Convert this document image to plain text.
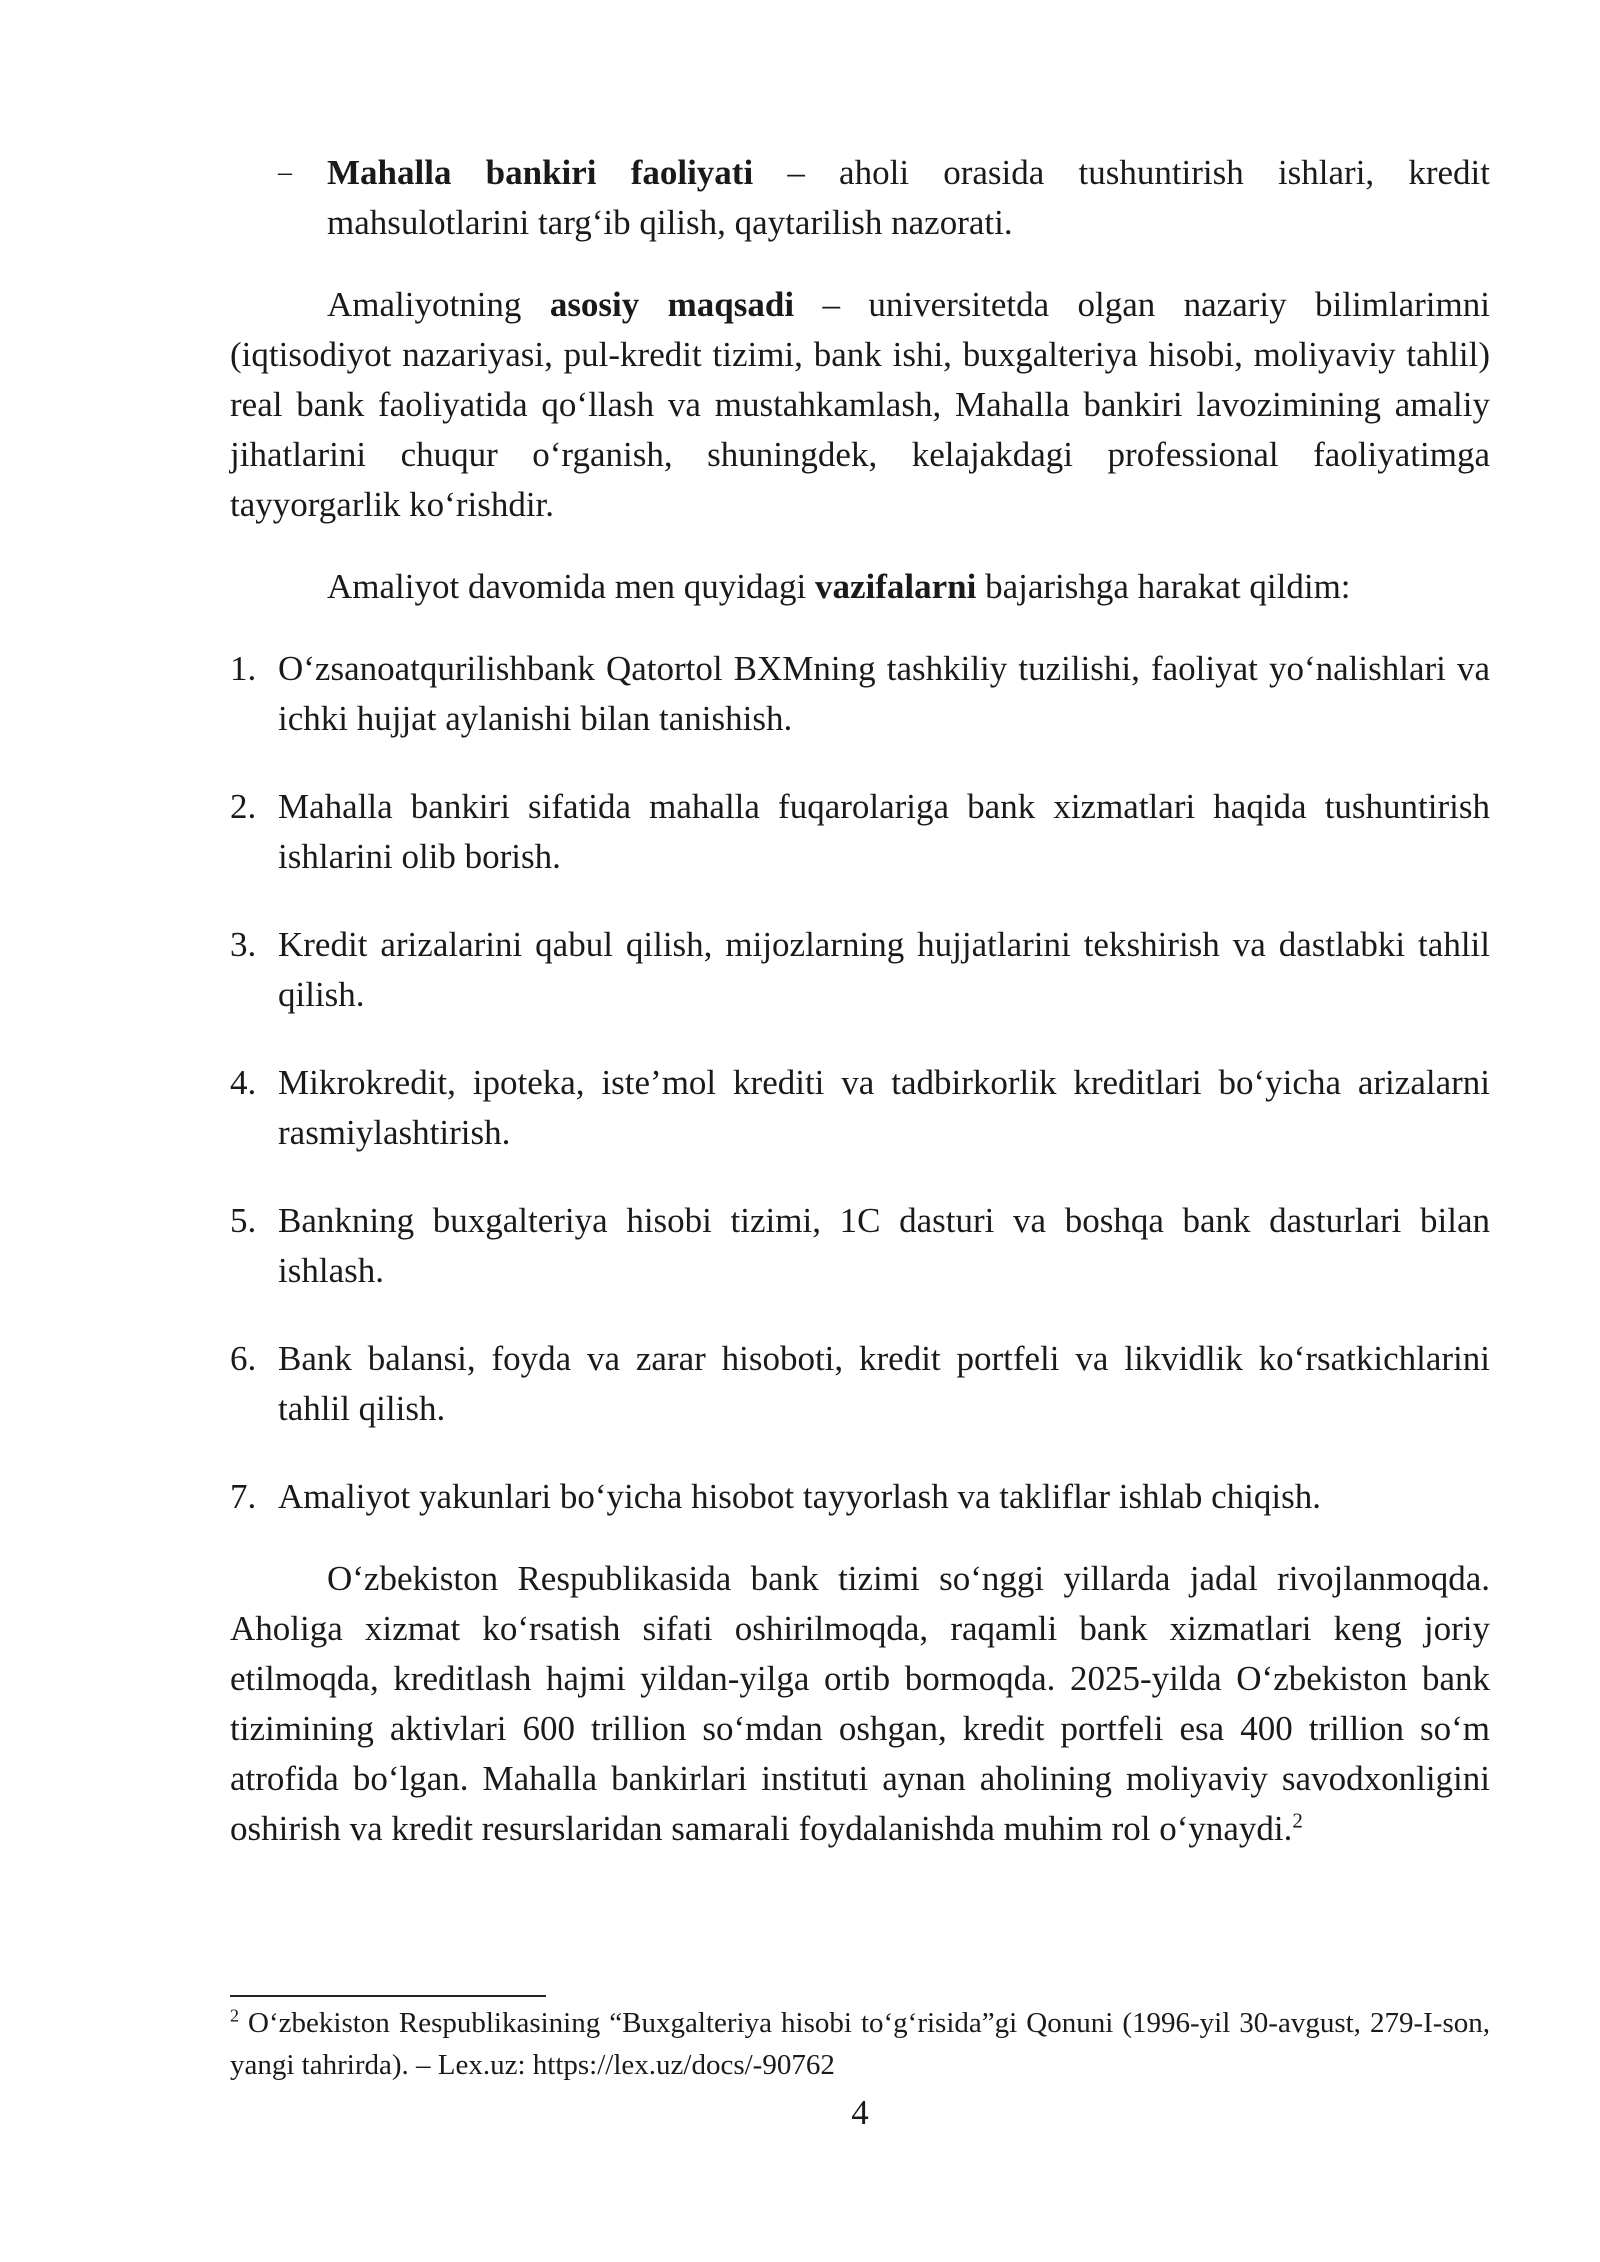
– Mahalla bankiri faoliyati – aholi orasida tushuntirish ishlari, kredit mahsulotlarini targ‘ib qilish, qaytarilish nazorati.

Amaliyotning asosiy maqsadi – universitetda olgan nazariy bilimlarimni (iqtisodiyot nazariyasi, pul-kredit tizimi, bank ishi, buxgalteriya hisobi, moliyaviy tahlil) real bank faoliyatida qo‘llash va mustahkamlash, Mahalla bankiri lavozimining amaliy jihatlarini chuqur o‘rganish, shuningdek, kelajakdagi professional faoliyatimga tayyorgarlik ko‘rishdir.

Amaliyot davomida men quyidagi vazifalarni bajarishga harakat qildim:

1. O‘zsanoatqurilishbank Qatortol BXMning tashkiliy tuzilishi, faoliyat yo‘nalishlari va ichki hujjat aylanishi bilan tanishish.
2. Mahalla bankiri sifatida mahalla fuqarolariga bank xizmatlari haqida tushuntirish ishlarini olib borish.
3. Kredit arizalarini qabul qilish, mijozlarning hujjatlarini tekshirish va dastlabki tahlil qilish.
4. Mikrokredit, ipoteka, iste’mol krediti va tadbirkorlik kreditlari bo‘yicha arizalarni rasmiylashtirish.
5. Bankning buxgalteriya hisobi tizimi, 1C dasturi va boshqa bank dasturlari bilan ishlash.
6. Bank balansi, foyda va zarar hisoboti, kredit portfeli va likvidlik ko‘rsatkichlarini tahlil qilish.
7. Amaliyot yakunlari bo‘yicha hisobot tayyorlash va takliflar ishlab chiqish.

O‘zbekiston Respublikasida bank tizimi so‘nggi yillarda jadal rivojlanmoqda. Aholiga xizmat ko‘rsatish sifati oshirilmoqda, raqamli bank xizmatlari keng joriy etilmoqda, kreditlash hajmi yildan-yilga ortib bormoqda. 2025-yilda O‘zbekiston bank tizimining aktivlari 600 trillion so‘mdan oshgan, kredit portfeli esa 400 trillion so‘m atrofida bo‘lgan. Mahalla bankirlari instituti aynan aholining moliyaviy savodxonligini oshirish va kredit resurslaridan samarali foydalanishda muhim rol o‘ynaydi.$^2$

$^2$ O‘zbekiston Respublikasining “Buxgalteriya hisobi to‘g‘risida”gi Qonuni (1996-yil 30-avgust, 279-I-son, yangi tahrirda). – Lex.uz: https://lex.uz/docs/-90762

4
